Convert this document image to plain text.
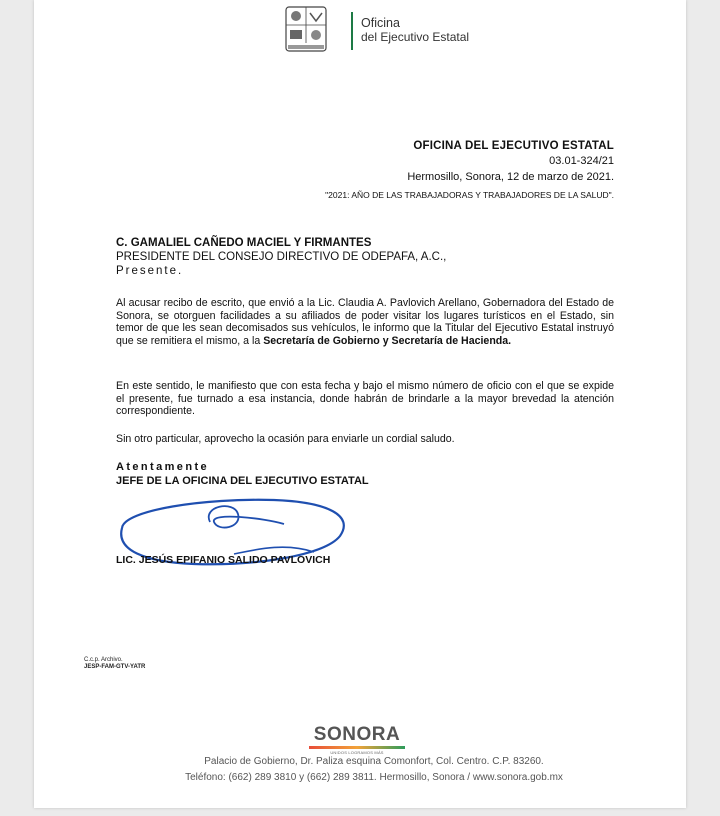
Oficina
del Ejecutivo Estatal
OFICINA DEL EJECUTIVO ESTATAL
03.01-324/21
Hermosillo, Sonora, 12 de marzo de 2021.
"2021: AÑO DE LAS TRABAJADORAS Y TRABAJADORES DE LA SALUD".
C. GAMALIEL CAÑEDO MACIEL Y FIRMANTES
PRESIDENTE DEL CONSEJO DIRECTIVO DE ODEPAFA, A.C.,
Presente.
Al acusar recibo de escrito, que envió a la Lic. Claudia A. Pavlovich Arellano, Gobernadora del Estado de Sonora, se otorguen facilidades a su afiliados de poder visitar los lugares turísticos en el Estado, sin temor de que les sean decomisados sus vehículos, le informo que la Titular del Ejecutivo Estatal instruyó que se remitiera el mismo, a la Secretaría de Gobierno y Secretaría de Hacienda.
En este sentido, le manifiesto que con esta fecha y bajo el mismo número de oficio con el que se expide el presente, fue turnado a esa instancia, donde habrán de brindarle a la mayor brevedad la atención correspondiente.
Sin otro particular, aprovecho la ocasión para enviarle un cordial saludo.
Atentamente
JEFE DE LA OFICINA DEL EJECUTIVO ESTATAL
LIC. JESÚS EPIFANIO SALIDO PAVLOVICH
C.c.p. Archivo.
JESP-FAM-GTV-YATR
SONORA
UNIDOS LOGRAMOS MÁS
Palacio de Gobierno, Dr. Paliza esquina Comonfort, Col. Centro. C.P. 83260.
Teléfono: (662) 289 3810 y (662) 289 3811. Hermosillo, Sonora / www.sonora.gob.mx
